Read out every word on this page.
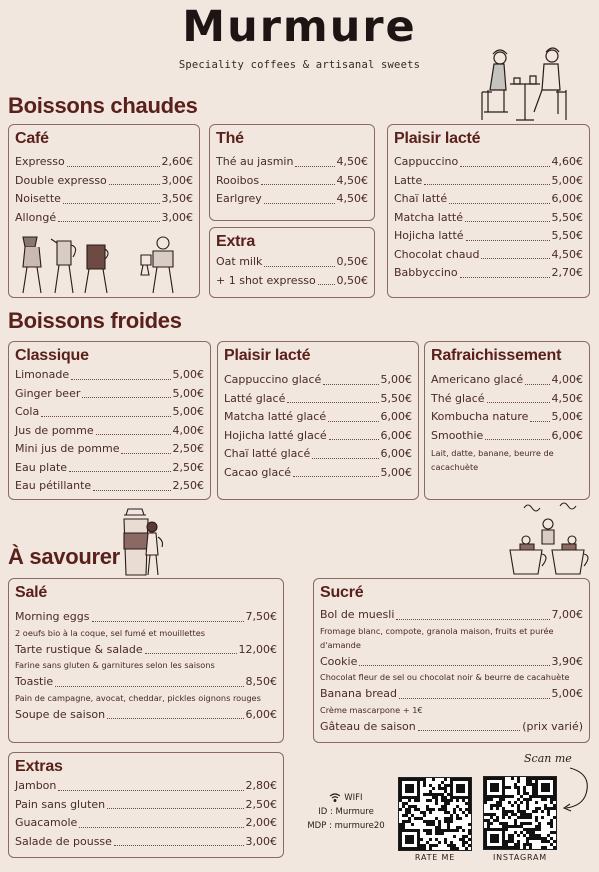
Murmure
Speciality coffees & artisanal sweets
Boissons chaudes
Café
Expresso	2,60€
Double expresso	3,00€
Noisette	3,50€
Allongé	3,00€
Thé
Thé au jasmin	4,50€
Rooibos	4,50€
Earlgrey	4,50€
Extra
Oat milk	0,50€
+ 1 shot expresso 0,50€
Plaisir lacté
Cappuccino	4,60€
Latte	5,00€
Chaï latté	6,00€
Matcha latté	5,50€
Hojicha latté	5,50€
Chocolat chaud	4,50€
Babbyccino	2,70€
Boissons froides
Classique
Limonade	5,00€
Ginger beer	5,00€
Cola	5,00€
Jus de pomme	4,00€
Mini jus de pomme	2,50€
Eau plate	2,50€
Eau pétillante	2,50€
Plaisir lacté
Cappuccino glacé	5,00€
Latté glacé	5,50€
Matcha latté glacé	6,00€
Hojicha latté glacé	6,00€
Chaï latté glacé	6,00€
Cacao glacé	5,00€
Rafraichissement
Americano glacé	4,00€
Thé glacé	4,50€
Kombucha nature 5,00€
Smoothie	6,00€
Lait, datte, banane, beurre de cacachuète
À savourer
Salé
Morning eggs	7,50€
2 oeufs bio à la coque, sel fumé et mouillettes
Tarte rustique & salade	12,00€
Farine sans gluten & garnitures selon les saisons
Toastie	8,50€
Pain de campagne, avocat, cheddar, pickles oignons rouges
Soupe de saison	6,00€
Sucré
Bol de muesli	7,00€
Fromage blanc, compote, granola maison, fruits et purée d'amande
Cookie	3,90€
Chocolat fleur de sel ou chocolat noir & beurre de cacahuète
Banana bread	5,00€
Crème mascarpone + 1€
Gâteau de saison	(prix varié)
Extras
Jambon	2,80€
Pain sans gluten	2,50€
Guacamole	2,00€
Salade de pousse	3,00€
WIFI
ID : Murmure
MDP : murmure20
RATE ME	INSTAGRAM
Scan me
